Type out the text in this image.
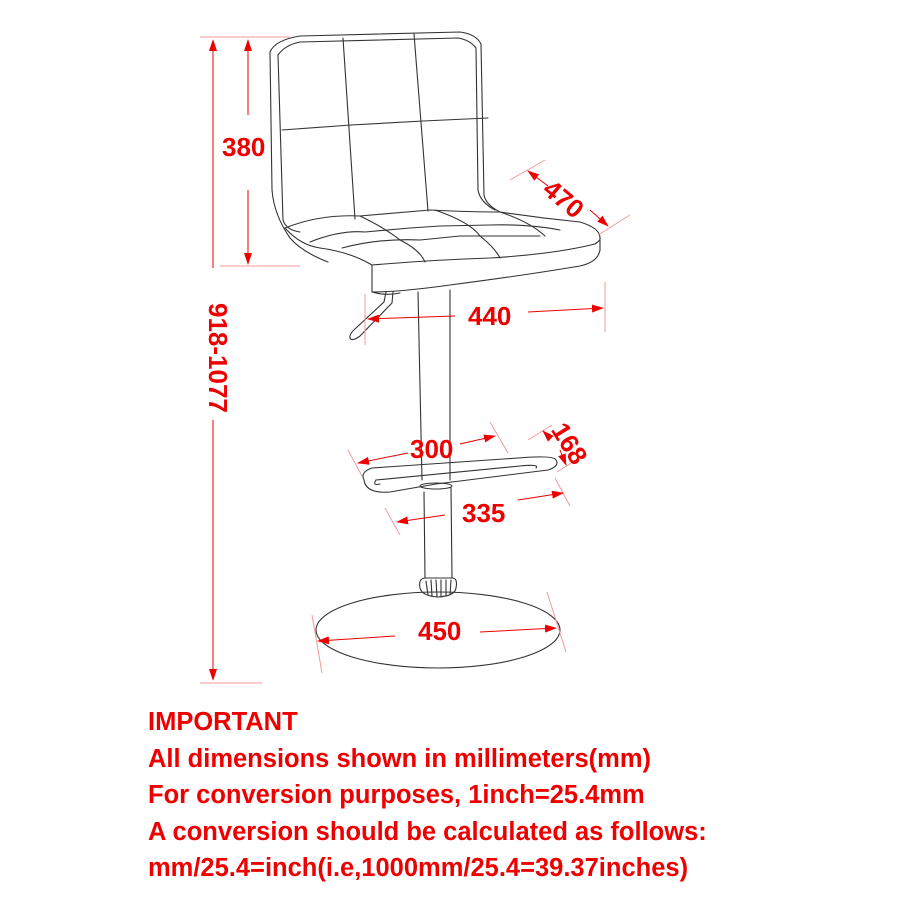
918-1077
380
470
440
300	168
335
450
IMPORTANT
All dimensions shown in millimeters(mm)
For conversion purposes, 1inch=25.4mm
A conversion should be calculated as follows:
mm/25.4=inch(i.e,1000mm/25.4=39.37inches)
